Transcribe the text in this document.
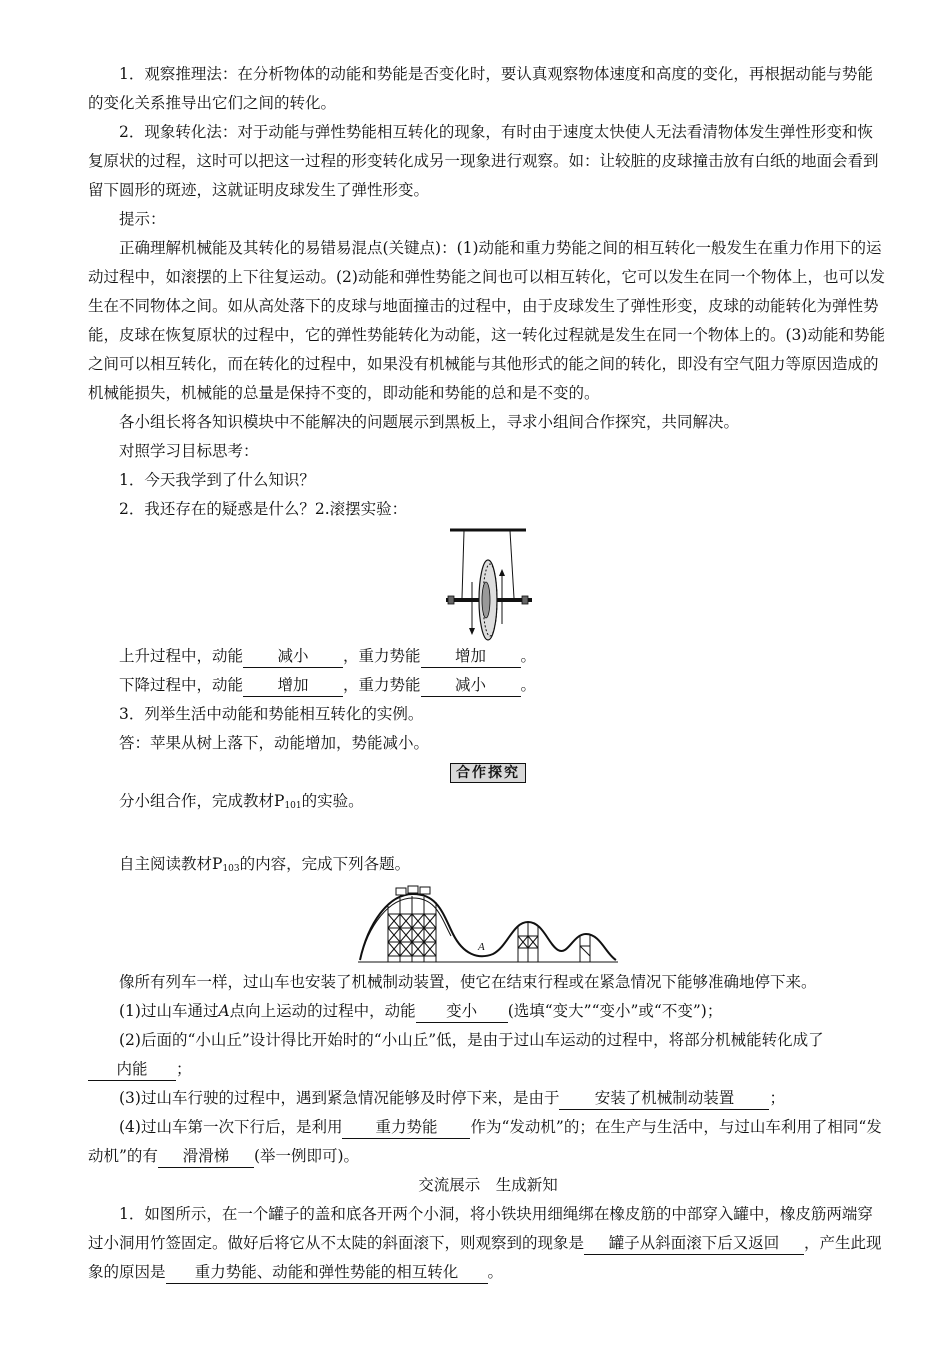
1．观察推理法：在分析物体的动能和势能是否变化时，要认真观察物体速度和高度的变化，再根据动能与势能的变化关系推导出它们之间的转化。

2．现象转化法：对于动能与弹性势能相互转化的现象，有时由于速度太快使人无法看清物体发生弹性形变和恢复原状的过程，这时可以把这一过程的形变转化成另一现象进行观察。如：让较脏的皮球撞击放有白纸的地面会看到留下圆形的斑迹，这就证明皮球发生了弹性形变。

提示：

正确理解机械能及其转化的易错易混点(关键点)：(1)动能和重力势能之间的相互转化一般发生在重力作用下的运动过程中，如滚摆的上下往复运动。(2)动能和弹性势能之间也可以相互转化，它可以发生在同一个物体上，也可以发生在不同物体之间。如从高处落下的皮球与地面撞击的过程中，由于皮球发生了弹性形变，皮球的动能转化为弹性势能，皮球在恢复原状的过程中，它的弹性势能转化为动能，这一转化过程就是发生在同一个物体上的。(3)动能和势能之间可以相互转化，而在转化的过程中，如果没有机械能与其他形式的能之间的转化，即没有空气阻力等原因造成的机械能损失，机械能的总量是保持不变的，即动能和势能的总和是不变的。

各小组长将各知识模块中不能解决的问题展示到黑板上，寻求小组间合作探究，共同解决。

对照学习目标思考：

1．今天我学到了什么知识？

2．我还存在的疑惑是什么？2.滚摆实验：

上升过程中，动能 减小 ，重力势能 增加 。

下降过程中，动能 增加 ，重力势能 减小 。

3．列举生活中动能和势能相互转化的实例。

答：苹果从树上落下，动能增加，势能减小。

合作探究

分小组合作，完成教材$P_{101}$的实验。

自主阅读教材$P_{103}$的内容，完成下列各题。

A

像所有列车一样，过山车也安装了机械制动装置，使它在结束行程或在紧急情况下能够准确地停下来。

(1)过山车通过A点向上运动的过程中，动能 变小 (选填“变大”“变小”或“不变”)；

(2)后面的“小山丘”设计得比开始时的“小山丘”低，是由于过山车运动的过程中，将部分机械能转化成了内能 ；

(3)过山车行驶的过程中，遇到紧急情况能够及时停下来，是由于 安装了机械制动装置 ；

(4)过山车第一次下行后，是利用 重力势能 作为“发动机”的；在生产与生活中，与过山车利用了相同“发动机”的有 滑滑梯 (举一例即可)。

交流展示　生成新知

1．如图所示，在一个罐子的盖和底各开两个小洞，将小铁块用细绳绑在橡皮筋的中部穿入罐中，橡皮筋两端穿过小洞用竹签固定。做好后将它从不太陡的斜面滚下，则观察到的现象是 罐子从斜面滚下后又返回 ，产生此现象的原因是 重力势能、动能和弹性势能的相互转化 。
